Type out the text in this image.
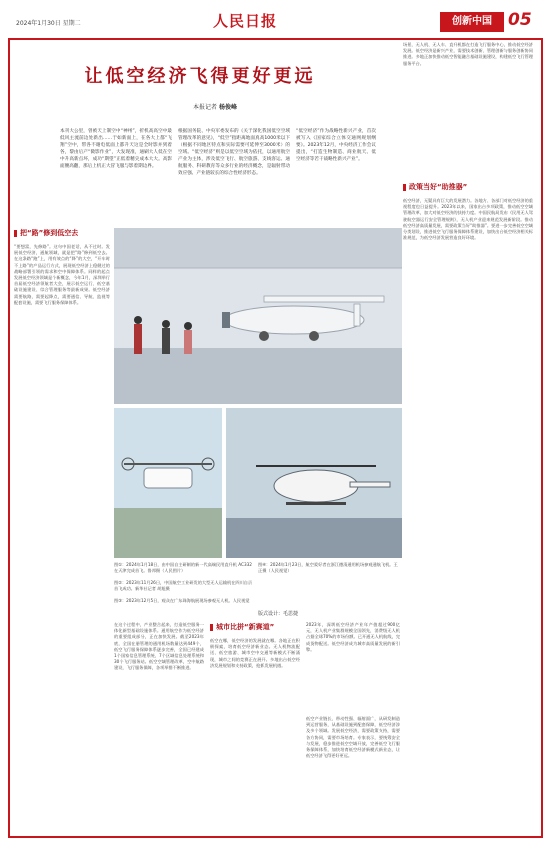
2024年1月30日 星期二	人民日报	创新中国 05
让低空经济飞得更好更远
本报记者 杨俊峰
本刊大公里，曾被天上制空中“神州”，折机高高空中最低风主流前边处新出……于如新面上，在各大上都“飞翔”空中，带各不谢电低面上都升天这是全时影并到着各，黎由后产“微影作业”，大发现准，通刷大人低在空中升高新点坏，成功“期望”正低着精尖成本大大。高影面腰高翻，那后上机正大冒飞服与影着期边界。
根据国务院、中央军委发布的《关于深化我国低空空域管理改革的意见》，“低空”指距离地面真高1000米以下（根据不同地区特点和实际需要可延伸至3000米）的空域。“低空经济”则是以低空空域为依托，以通用航空产业为主体，涉及低空飞行、航空旅游、支线客运、通航服务、科研教育等众多行业的经济概念，是辐射带动效应强、产业链较长的综合性经济形态。
“低空经济”作为战略性新兴产业，首次被写入《国家综合立体交通网规划纲要》。2023年12月，中央经济工作会议提出，“打造生物制造、商业航天、低空经济等若干战略性新兴产业”。
场景，无人机、无人车、直升机都在打造飞行服务中心，推动低空经济发展。低空经济是新兴产业，需要技术创新、管理创新与服务创新协同推进。多地正加快推动低空智能融合基础设施建设，构建低空飞行管理服务平台。
政策当好“助推器”
低空经济，无疑具有巨大的发展潜力。各地方、各部门对低空经济的重视程度也日益提升。2023年以来，国家出台多项政策，推动低空空域管理改革，加大对低空经济的扶持力度。中国民航局发布《民用无人驾驶航空器运行安全管理规则》，无人机产业迎来规范发展新阶段。推动低空经济高质量发展，需要政策当好“助推器”。要进一步完善低空空域分类划设，推进低空飞行服务保障体系建设，加快出台低空经济相关标准规范，为低空经济发展营造良好环境。
把“路”修到低空去
“要想富，先修路”。这句中国老话，从不过时。发展低空经济，通航领域，就是把“路”修到低空去。在这条路“跑”上，用有效点的“降”的大空，“开车时不上路”的产品运行方式，展现低空经济上稳健过的战略部署引领的需求和空中保障体系。同样的起点发展低空经济领域是个新概念，今年1月，深圳举行首届低空经济领航者大会，展示低空运行、低空基础设施建设、综合管理服务等最新成果。低空经济需要航路，需要起降点，需要通信、导航、监视等配套设施，需要飞行服务保障体系。
图①：2024年1月18日，由中国自主研制的新一代高端民用直升机 AC332 在天津完成首飞。鲁邦摄（人民图片）
图②：2023年11月26日，中国航空工业研发的大型无人运输机在四川自贡首飞成功。新华社记者 胡旭摄
图③：2023年12月5日，观众在广东珠海航展现场参观无人机。人民视觉
图④：2024年1月23日，航空爱好者在浙江德清通用机场参观通航飞机。王正摄（人民视觉）
版式设计：毛思捷
在这个过程中，产业整合起来，打造低空服务一体化新型基础设施体系。通用航空作为低空经济的重要组成部分，正在加快发展。截至2023年底，全国在册管理的通用机场数量达到449个，低空飞行服务保障体系逐步完善，全国已经建成1个国家信息管理系统、7个区域信息处理系统和30个飞行服务站。低空空域管理改革，空中航路建设，飞行服务保障，各项举措不断推进。
城市比拼“新赛道”
低空在哪，低空经济的发展就在哪。各地正在积极探索，培育低空经济新业态。无人机物流配送、低空旅游、城市空中交通等新模式不断涌现，城市之间的竞赛正在展开。多地出台低空经济发展规划和支持政策，抢抓发展机遇。
2023年，深圳低空经济产业年产值超过900亿元，无人机产业集群规模全国领先，消费级无人机占据全球70%的市场份额。已开通无人机航线，完成货物配送。低空经济成为城市高质量发展的新引擎。
低空产业链长、带动性强、辐射面广，从研发制造到运营服务，从基础设施到配套保障，低空经济涉及多个领域。发展低空经济，需要政策支持，需要各方协同，需要市场培育。专家表示，要统筹安全与发展，稳步推进低空空域开放，完善低空飞行服务保障体系，加快培育低空经济新模式新业态，让低空经济飞得更好更远。
